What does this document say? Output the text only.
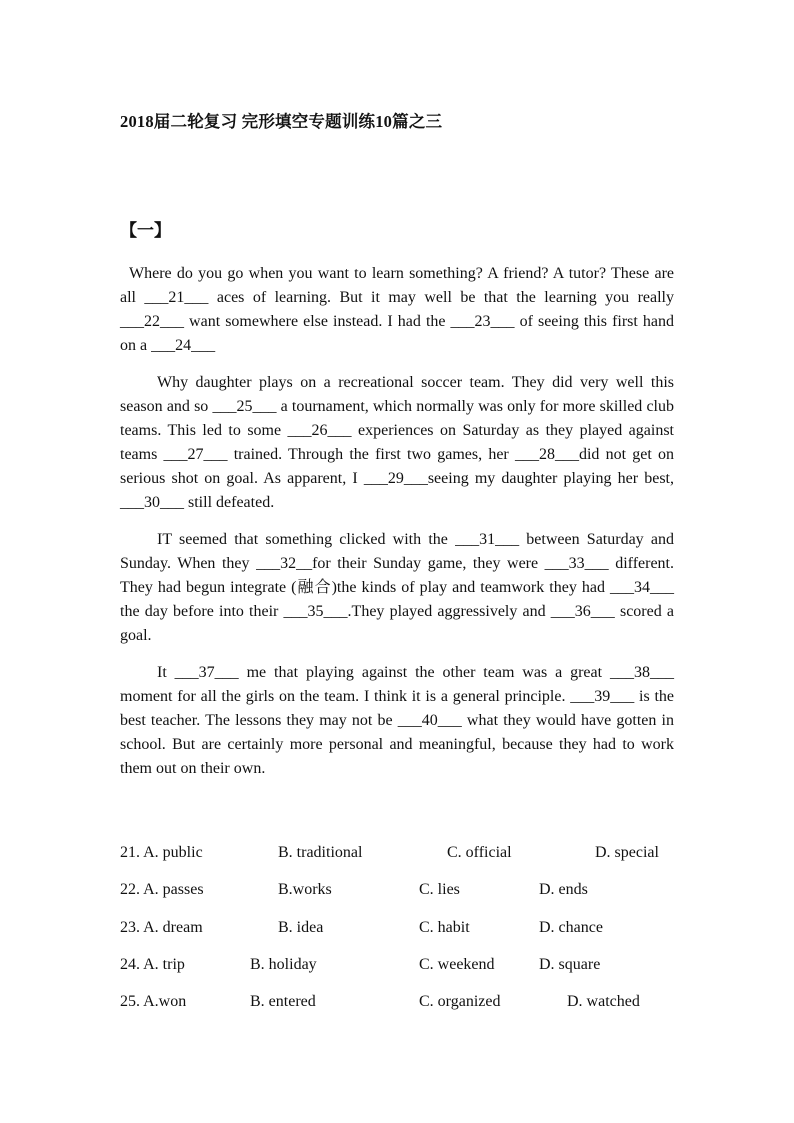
2018届二轮复习 完形填空专题训练10篇之三
【一】

Where do you go when you want to learn something? A friend? A tutor? These are all ___21___ aces of learning. But it may well be that the learning you really ___22___ want somewhere else instead. I had the ___23___ of seeing this first hand on a ___24___

Why daughter plays on a recreational soccer team. They did very well this season and so ___25___ a tournament, which normally was only for more skilled club teams. This led to some ___26___ experiences on Saturday as they played against teams ___27___ trained. Through the first two games, her ___28___did not get on serious shot on goal. As apparent, I ___29___seeing my daughter playing her best, ___30___ still defeated.

IT seemed that something clicked with the ___31___ between Saturday and Sunday. When they ___32__for their Sunday game, they were ___33___ different. They had begun integrate (融合)the kinds of play and teamwork they had ___34___ the day before into their ___35___.They played aggressively and ___36___ scored a goal.

It ___37___ me that playing against the other team was a great ___38___ moment for all the girls on the team. I think it is a general principle. ___39___ is the best teacher. The lessons they may not be ___40___ what they would have gotten in school. But are certainly more personal and meaningful, because they had to work them out on their own.

21. A. public	B. traditional	C. official	D. special
22. A. passes	B.works	C. lies	D. ends
23. A. dream	B. idea	C. habit	D. chance
24. A. trip	B. holiday	C. weekend	D. square
25. A.won	B. entered	C. organized	D. watched
